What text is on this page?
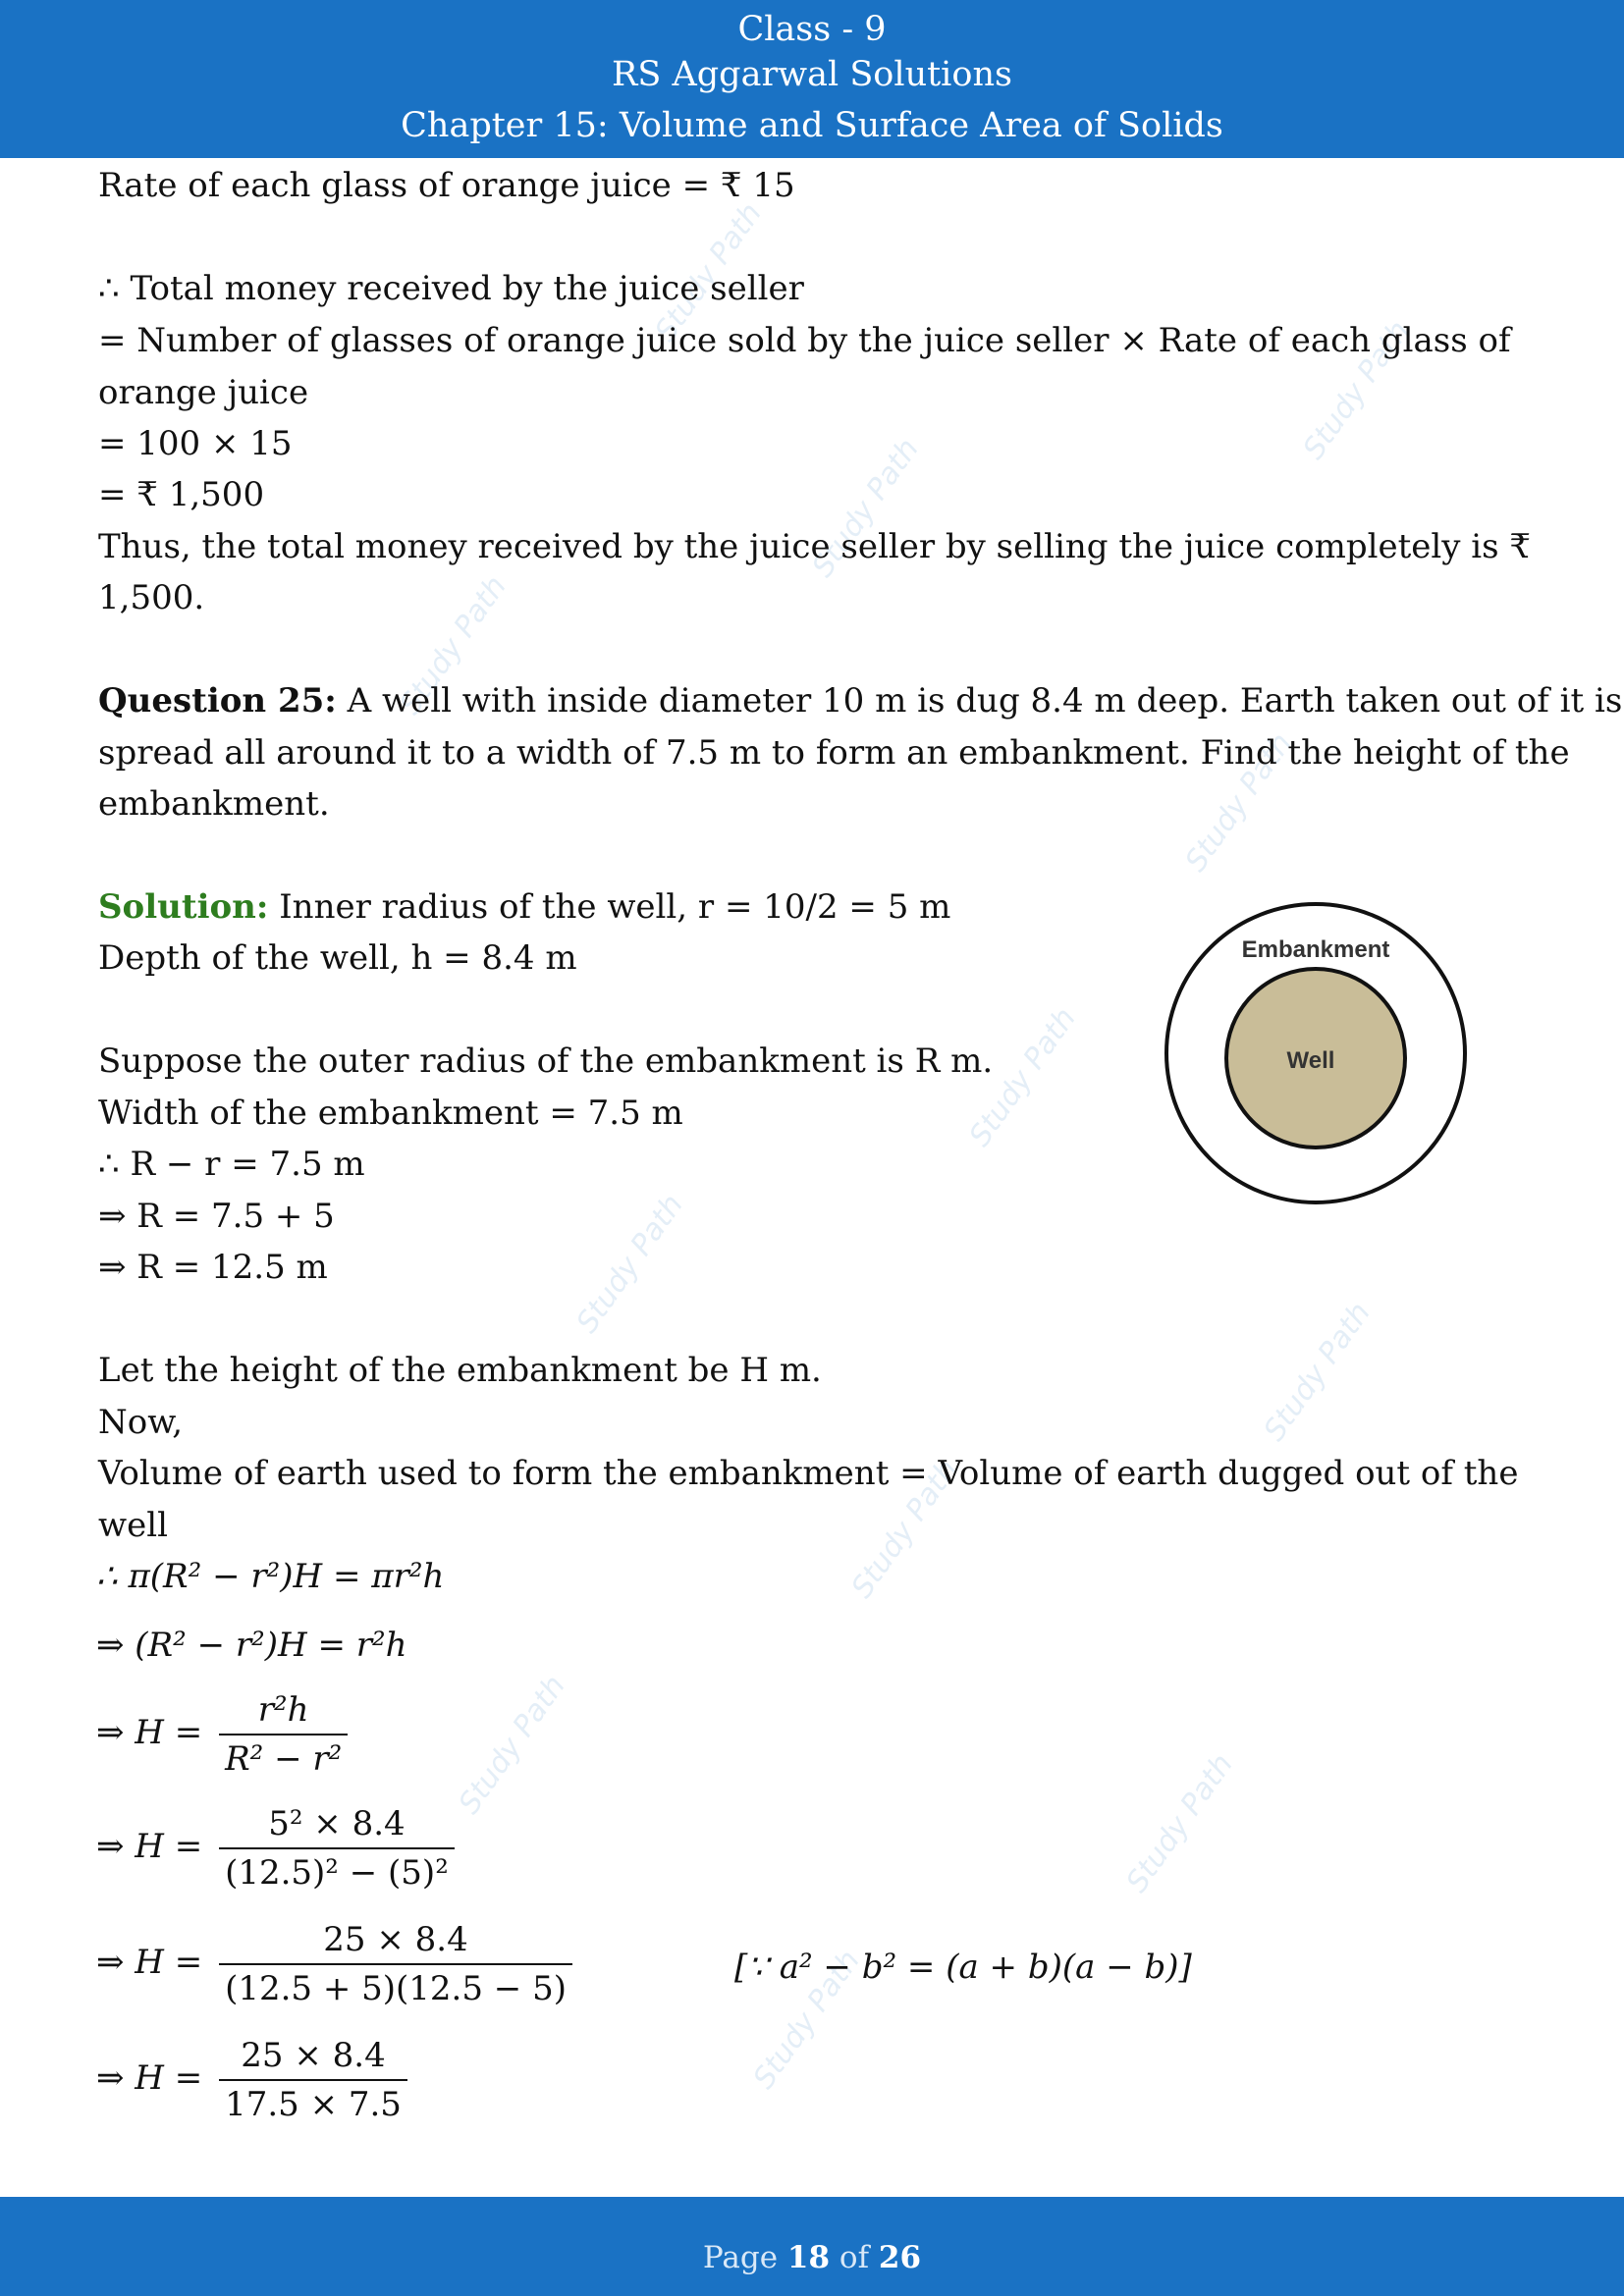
Class - 9
RS Aggarwal Solutions
Chapter 15: Volume and Surface Area of Solids
Study Path
Study Path
Study Path
Study Path
Study Path
Study Path
Study Path
Study Path
Study Path
Study Path
Study Path
Study Path
Rate of each glass of orange juice = ₹ 15
∴ Total money received by the juice seller
= Number of glasses of orange juice sold by the juice seller × Rate of each glass of
orange juice
= 100 × 15
= ₹ 1,500
Thus, the total money received by the juice seller by selling the juice completely is ₹
1,500.
Question 25: A well with inside diameter 10 m is dug 8.4 m deep. Earth taken out of it is
spread all around it to a width of 7.5 m to form an embankment. Find the height of the
embankment.
Solution: Inner radius of the well, r = 10/2 = 5 m
Depth of the well, h = 8.4 m
Suppose the outer radius of the embankment is R m.
Width of the embankment = 7.5 m
∴ R − r = 7.5 m
⇒ R = 7.5 + 5
⇒ R = 12.5 m
Let the height of the embankment be H m.
Now,
Volume of earth used to form the embankment = Volume of earth dugged out of the
well
∴ π(R² − r²)H = πr²h
⇒ (R² − r²)H = r²h
⇒ $H = \frac{\text{r²h}}{\text{R² − r²}}$
⇒ $H = \frac{\text{5² × 8.4}}{\text{(12.5)² − (5)²}}$
⇒ $H = \frac{25 \times 8.4}{(12.5 + 5)(12.5 - 5)}$	[∵ a² − b² = (a + b)(a − b)]
⇒ $H = \frac{25 \times 8.4}{17.5 \times 7.5}$
Embankment
Well
Page 18 of 26
